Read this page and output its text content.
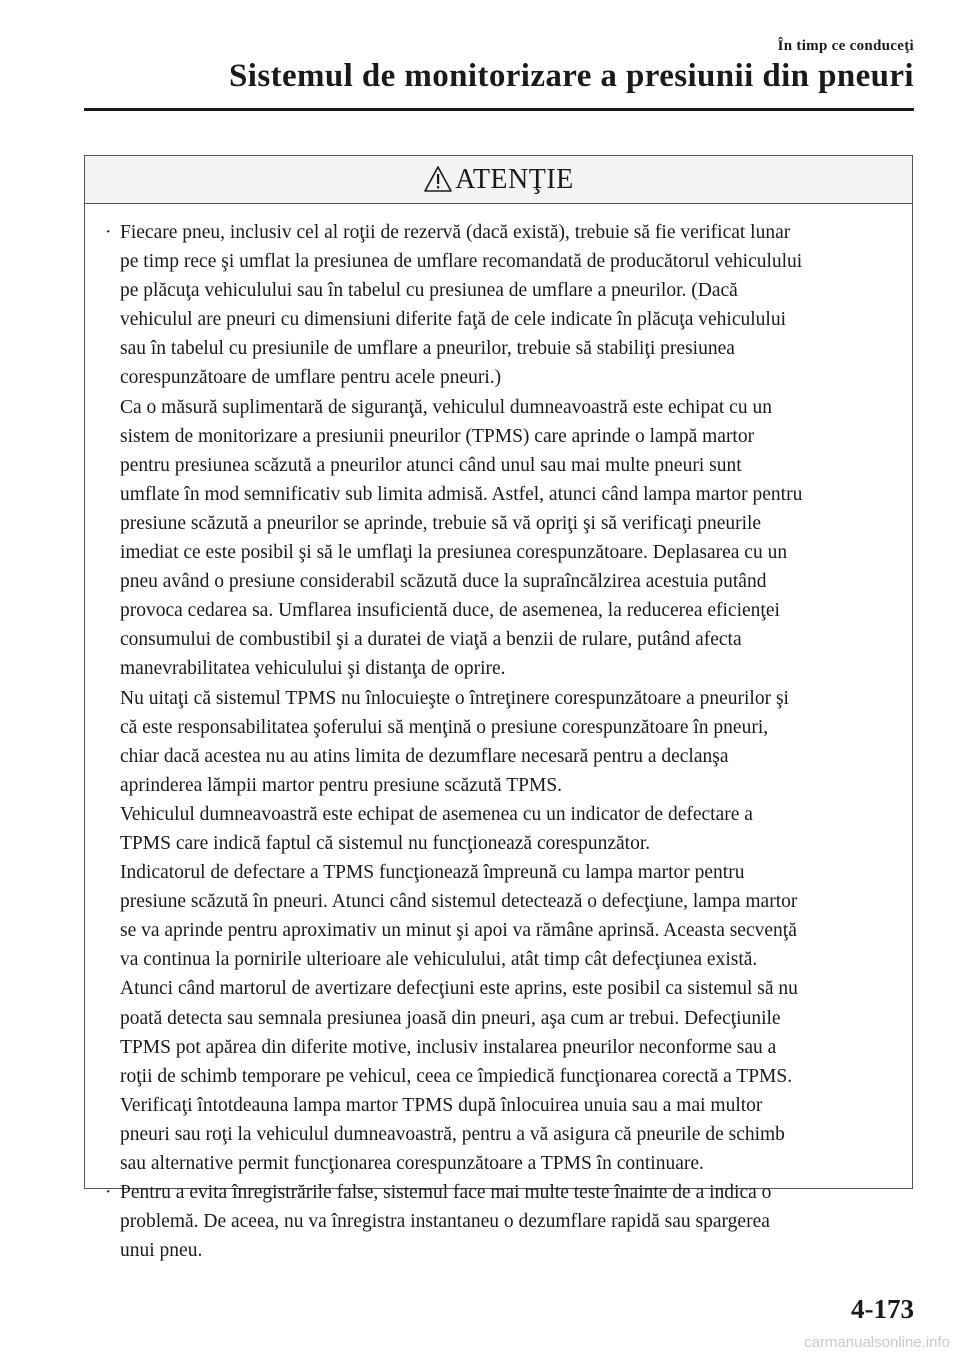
În timp ce conduceţi
Sistemul de monitorizare a presiunii din pneuri
ATENŢIE
· Fiecare pneu, inclusiv cel al roţii de rezervă (dacă există), trebuie să fie verificat lunar
pe timp rece şi umflat la presiunea de umflare recomandată de producătorul vehiculului
pe plăcuţa vehiculului sau în tabelul cu presiunea de umflare a pneurilor. (Dacă
vehiculul are pneuri cu dimensiuni diferite faţă de cele indicate în plăcuţa vehiculului
sau în tabelul cu presiunile de umflare a pneurilor, trebuie să stabiliţi presiunea
corespunzătoare de umflare pentru acele pneuri.)
Ca o măsură suplimentară de siguranţă, vehiculul dumneavoastră este echipat cu un
sistem de monitorizare a presiunii pneurilor (TPMS) care aprinde o lampă martor
pentru presiunea scăzută a pneurilor atunci când unul sau mai multe pneuri sunt
umflate în mod semnificativ sub limita admisă. Astfel, atunci când lampa martor pentru
presiune scăzută a pneurilor se aprinde, trebuie să vă opriţi şi să verificaţi pneurile
imediat ce este posibil şi să le umflaţi la presiunea corespunzătoare. Deplasarea cu un
pneu având o presiune considerabil scăzută duce la supraîncălzirea acestuia putând
provoca cedarea sa. Umflarea insuficientă duce, de asemenea, la reducerea eficienţei
consumului de combustibil şi a duratei de viaţă a benzii de rulare, putând afecta
manevrabilitatea vehiculului şi distanţa de oprire.
Nu uitaţi că sistemul TPMS nu înlocuieşte o întreţinere corespunzătoare a pneurilor şi
că este responsabilitatea şoferului să menţină o presiune corespunzătoare în pneuri,
chiar dacă acestea nu au atins limita de dezumflare necesară pentru a declanşa
aprinderea lămpii martor pentru presiune scăzută TPMS.
Vehiculul dumneavoastră este echipat de asemenea cu un indicator de defectare a
TPMS care indică faptul că sistemul nu funcţionează corespunzător.
Indicatorul de defectare a TPMS funcţionează împreună cu lampa martor pentru
presiune scăzută în pneuri. Atunci când sistemul detectează o defecţiune, lampa martor
se va aprinde pentru aproximativ un minut şi apoi va rămâne aprinsă. Aceasta secvenţă
va continua la pornirile ulterioare ale vehiculului, atât timp cât defecţiunea există.
Atunci când martorul de avertizare defecţiuni este aprins, este posibil ca sistemul să nu
poată detecta sau semnala presiunea joasă din pneuri, aşa cum ar trebui. Defecţiunile
TPMS pot apărea din diferite motive, inclusiv instalarea pneurilor neconforme sau a
roţii de schimb temporare pe vehicul, ceea ce împiedică funcţionarea corectă a TPMS.
Verificaţi întotdeauna lampa martor TPMS după înlocuirea unuia sau a mai multor
pneuri sau roţi la vehiculul dumneavoastră, pentru a vă asigura că pneurile de schimb
sau alternative permit funcţionarea corespunzătoare a TPMS în continuare.
· Pentru a evita înregistrările false, sistemul face mai multe teste înainte de a indica o
problemă. De aceea, nu va înregistra instantaneu o dezumflare rapidă sau spargerea
unui pneu.
4-173
carmanualsonline.info
